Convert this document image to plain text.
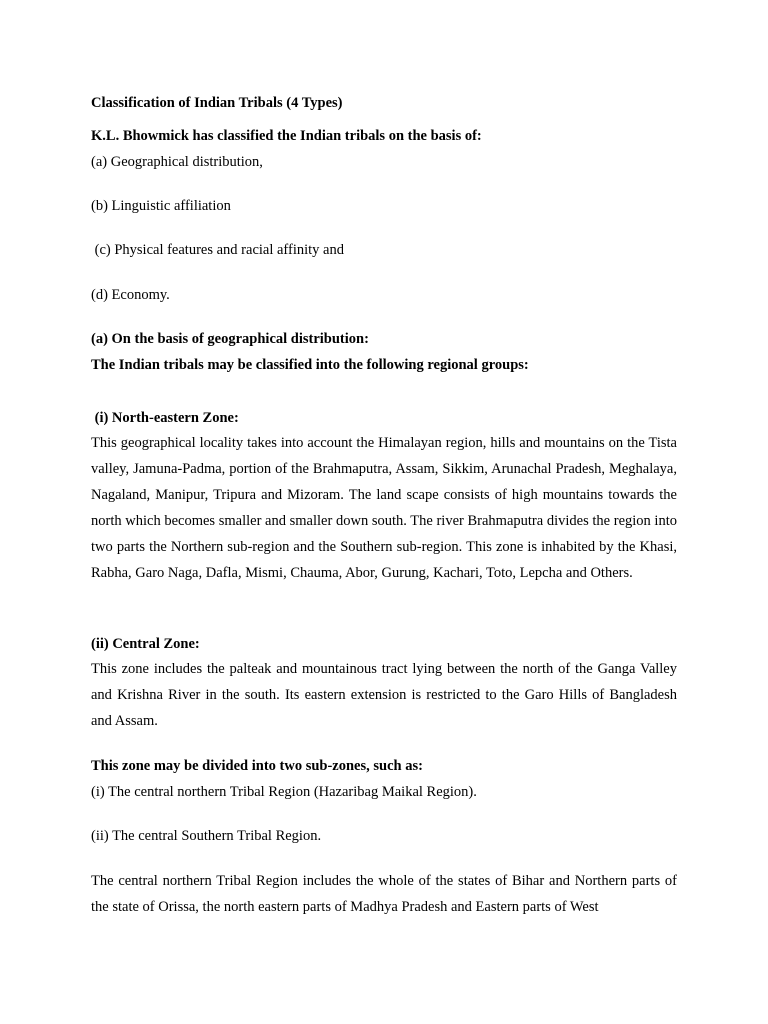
Classification of Indian Tribals (4 Types)
K.L. Bhowmick has classified the Indian tribals on the basis of:
(a) Geographical distribution,
(b) Linguistic affiliation
(c) Physical features and racial affinity and
(d) Economy.
(a) On the basis of geographical distribution:
The Indian tribals may be classified into the following regional groups:
(i) North-eastern Zone:
This geographical locality takes into account the Himalayan region, hills and mountains on the Tista valley, Jamuna-Padma, portion of the Brahmaputra, Assam, Sikkim, Arunachal Pradesh, Meghalaya, Nagaland, Manipur, Tripura and Mizoram. The land scape consists of high mountains towards the north which becomes smaller and smaller down south. The river Brahmaputra divides the region into two parts the Northern sub-region and the Southern sub-region. This zone is inhabited by the Khasi, Rabha, Garo Naga, Dafla, Mismi, Chauma, Abor, Gurung, Kachari, Toto, Lepcha and Others.
(ii) Central Zone:
This zone includes the palteak and mountainous tract lying between the north of the Ganga Valley and Krishna River in the south. Its eastern extension is restricted to the Garo Hills of Bangladesh and Assam.
This zone may be divided into two sub-zones, such as:
(i) The central northern Tribal Region (Hazaribag Maikal Region).
(ii) The central Southern Tribal Region.
The central northern Tribal Region includes the whole of the states of Bihar and Northern parts of the state of Orissa, the north eastern parts of Madhya Pradesh and Eastern parts of West
